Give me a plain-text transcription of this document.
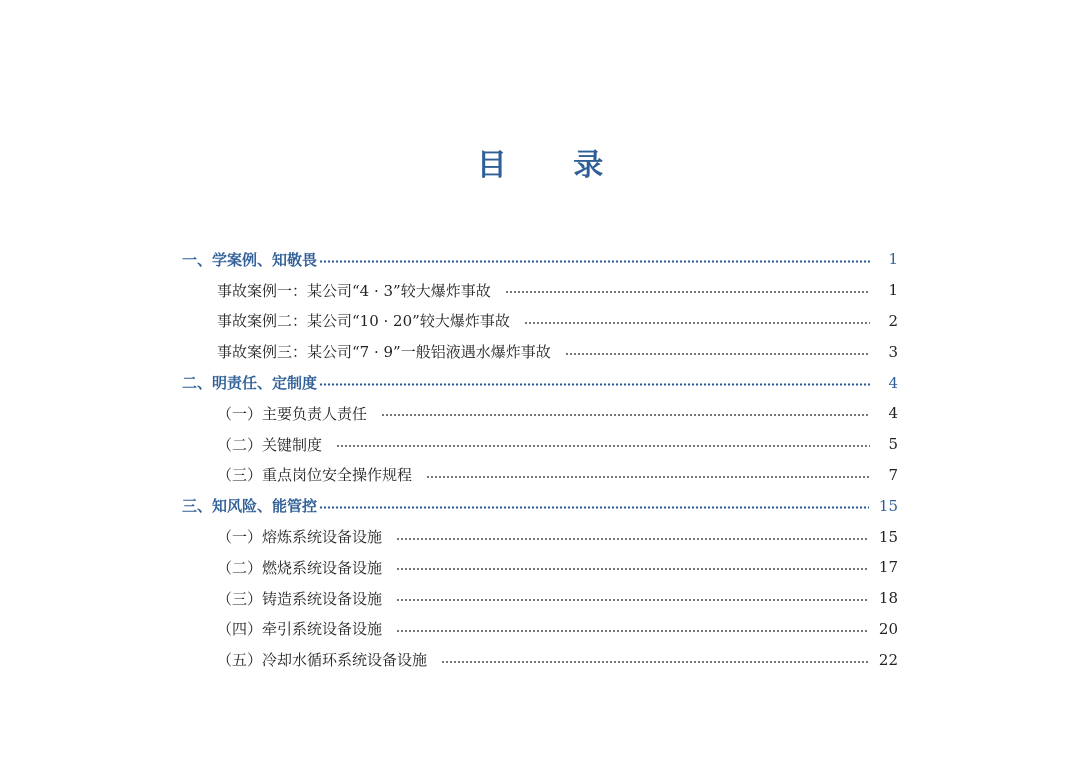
目 录
一、学案例、知敬畏	1
事故案例一：某公司“4 · 3”较大爆炸事故	1
事故案例二：某公司“10 · 20”较大爆炸事故	2
事故案例三：某公司“7 · 9”一般铝液遇水爆炸事故	3
二、明责任、定制度	4
（一）主要负责人责任	4
（二）关键制度	5
（三）重点岗位安全操作规程	7
三、知风险、能管控	15
（一）熔炼系统设备设施	15
（二）燃烧系统设备设施	17
（三）铸造系统设备设施	18
（四）牵引系统设备设施	20
（五）冷却水循环系统设备设施	22
